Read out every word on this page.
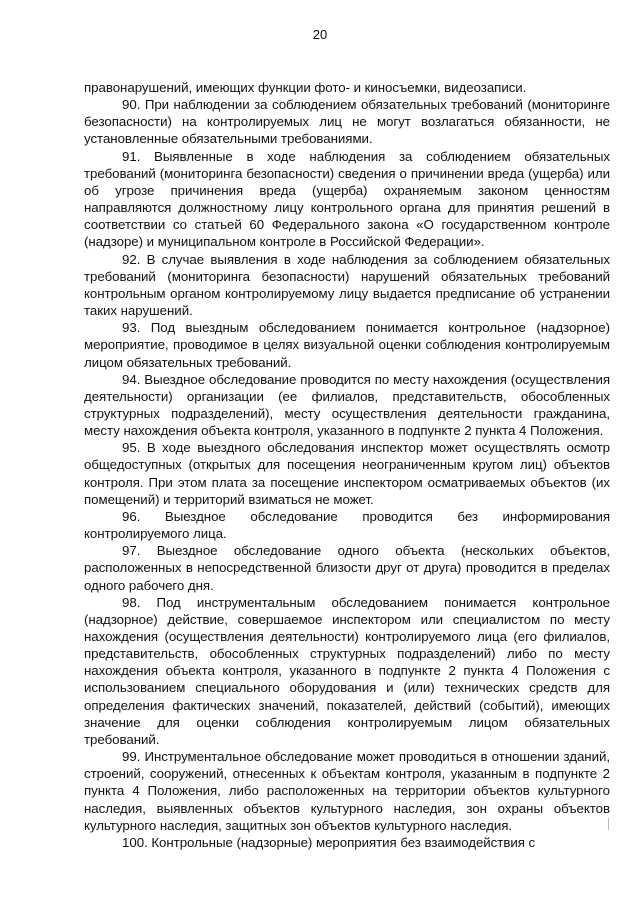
20

правонарушений, имеющих функции фото- и киносъемки, видеозаписи.

90. При наблюдении за соблюдением обязательных требований (мониторинге безопасности) на контролируемых лиц не могут возлагаться обязанности, не установленные обязательными требованиями.

91. Выявленные в ходе наблюдения за соблюдением обязательных требований (мониторинга безопасности) сведения о причинении вреда (ущерба) или об угрозе причинения вреда (ущерба) охраняемым законом ценностям направляются должностному лицу контрольного органа для принятия решений в соответствии со статьей 60 Федерального закона «О государственном контроле (надзоре) и муниципальном контроле в Российской Федерации».

92. В случае выявления в ходе наблюдения за соблюдением обязательных требований (мониторинга безопасности) нарушений обязательных требований контрольным органом контролируемому лицу выдается предписание об устранении таких нарушений.

93. Под выездным обследованием понимается контрольное (надзорное) мероприятие, проводимое в целях визуальной оценки соблюдения контролируемым лицом обязательных требований.

94. Выездное обследование проводится по месту нахождения (осуществления деятельности) организации (ее филиалов, представительств, обособленных структурных подразделений), месту осуществления деятельности гражданина, месту нахождения объекта контроля, указанного в подпункте 2 пункта 4 Положения.

95. В ходе выездного обследования инспектор может осуществлять осмотр общедоступных (открытых для посещения неограниченным кругом лиц) объектов контроля. При этом плата за посещение инспектором осматриваемых объектов (их помещений) и территорий взиматься не может.

96. Выездное обследование проводится без информирования контролируемого лица.

97. Выездное обследование одного объекта (нескольких объектов, расположенных в непосредственной близости друг от друга) проводится в пределах одного рабочего дня.

98. Под инструментальным обследованием понимается контрольное (надзорное) действие, совершаемое инспектором или специалистом по месту нахождения (осуществления деятельности) контролируемого лица (его филиалов, представительств, обособленных структурных подразделений) либо по месту нахождения объекта контроля, указанного в подпункте 2 пункта 4 Положения с использованием специального оборудования и (или) технических средств для определения фактических значений, показателей, действий (событий), имеющих значение для оценки соблюдения контролируемым лицом обязательных требований.

99. Инструментальное обследование может проводиться в отношении зданий, строений, сооружений, отнесенных к объектам контроля, указанным в подпункте 2 пункта 4 Положения, либо расположенных на территории объектов культурного наследия, выявленных объектов культурного наследия, зон охраны объектов культурного наследия, защитных зон объектов культурного наследия.

100. Контрольные (надзорные) мероприятия без взаимодействия с
